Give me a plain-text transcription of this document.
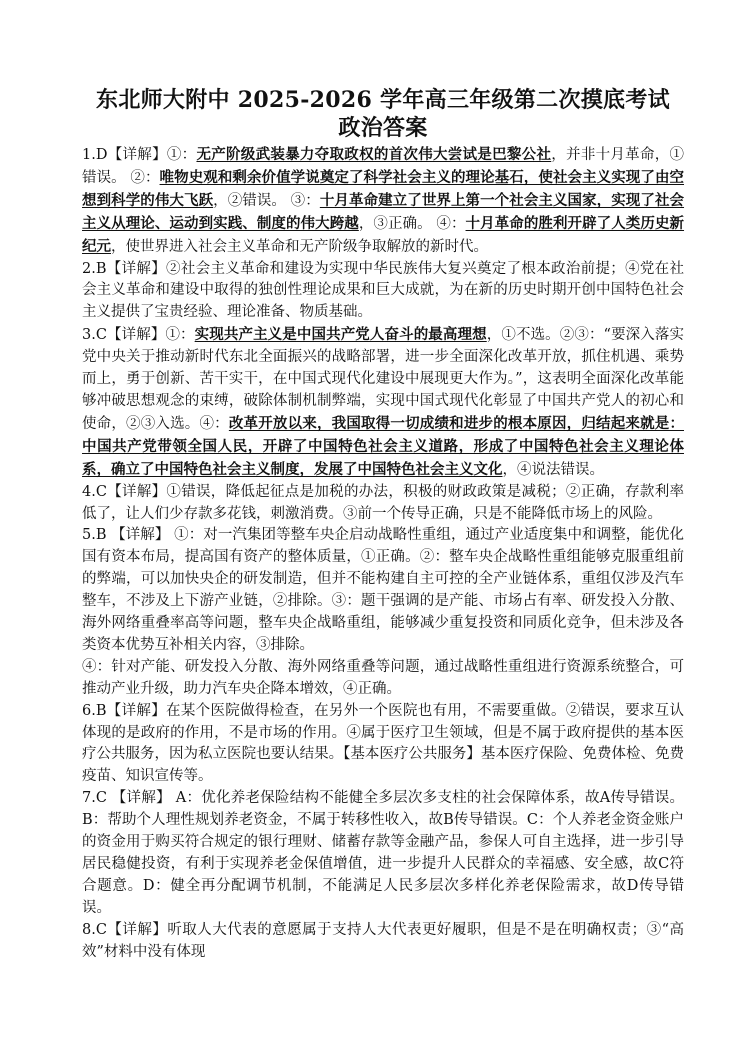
东北师大附中 2025-2026 学年高三年级第二次摸底考试
政治答案

1.D【详解】①：无产阶级武装暴力夺取政权的首次伟大尝试是巴黎公社，并非十月革命，①错误。 ②：唯物史观和剩余价值学说奠定了科学社会主义的理论基石，使社会主义实现了由空想到科学的伟大飞跃，②错误。 ③：十月革命建立了世界上第一个社会主义国家，实现了社会主义从理论、运动到实践、制度的伟大跨越，③正确。 ④：十月革命的胜利开辟了人类历史新纪元，使世界进入社会主义革命和无产阶级争取解放的新时代。

2.B【详解】②社会主义革命和建设为实现中华民族伟大复兴奠定了根本政治前提；④党在社会主义革命和建设中取得的独创性理论成果和巨大成就，为在新的历史时期开创中国特色社会主义提供了宝贵经验、理论准备、物质基础。

3.C【详解】①：实现共产主义是中国共产党人奋斗的最高理想，①不选。②③：“要深入落实党中央关于推动新时代东北全面振兴的战略部署，进一步全面深化改革开放，抓住机遇、乘势而上，勇于创新、苦干实干，在中国式现代化建设中展现更大作为。”，这表明全面深化改革能够冲破思想观念的束缚，破除体制机制弊端，实现中国式现代化彰显了中国共产党人的初心和使命，②③入选。④：改革开放以来，我国取得一切成绩和进步的根本原因，归结起来就是：中国共产党带领全国人民，开辟了中国特色社会主义道路，形成了中国特色社会主义理论体系，确立了中国特色社会主义制度，发展了中国特色社会主义文化，④说法错误。

4.C【详解】①错误，降低起征点是加税的办法，积极的财政政策是减税；②正确，存款利率低了，让人们少存款多花钱，刺激消费。③前一个传导正确，只是不能降低市场上的风险。

5.B 【详解】 ①：对一汽集团等整车央企启动战略性重组，通过产业适度集中和调整，能优化国有资本布局，提高国有资产的整体质量，①正确。②：整车央企战略性重组能够克服重组前的弊端，可以加快央企的研发制造，但并不能构建自主可控的全产业链体系，重组仅涉及汽车整车，不涉及上下游产业链，②排除。③：题干强调的是产能、市场占有率、研发投入分散、海外网络重叠率高等问题，整车央企战略重组，能够减少重复投资和同质化竞争，但未涉及各类资本优势互补相关内容，③排除。

④：针对产能、研发投入分散、海外网络重叠等问题，通过战略性重组进行资源系统整合，可推动产业升级，助力汽车央企降本增效，④正确。

6.B【详解】在某个医院做得检查，在另外一个医院也有用，不需要重做。②错误，要求互认体现的是政府的作用，不是市场的作用。④属于医疗卫生领域，但是不属于政府提供的基本医疗公共服务，因为私立医院也要认结果。【基本医疗公共服务】基本医疗保险、免费体检、免费疫苗、知识宣传等。

7.C 【详解】 A：优化养老保险结构不能健全多层次多支柱的社会保障体系，故A传导错误。B：帮助个人理性规划养老资金，不属于转移性收入，故B传导错误。C：个人养老金资金账户的资金用于购买符合规定的银行理财、储蓄存款等金融产品，参保人可自主选择，进一步引导居民稳健投资，有利于实现养老金保值增值，进一步提升人民群众的幸福感、安全感，故C符合题意。D：健全再分配调节机制，不能满足人民多层次多样化养老保险需求，故D传导错误。

8.C【详解】听取人大代表的意愿属于支持人大代表更好履职，但是不是在明确权责；③“高效”材料中没有体现
